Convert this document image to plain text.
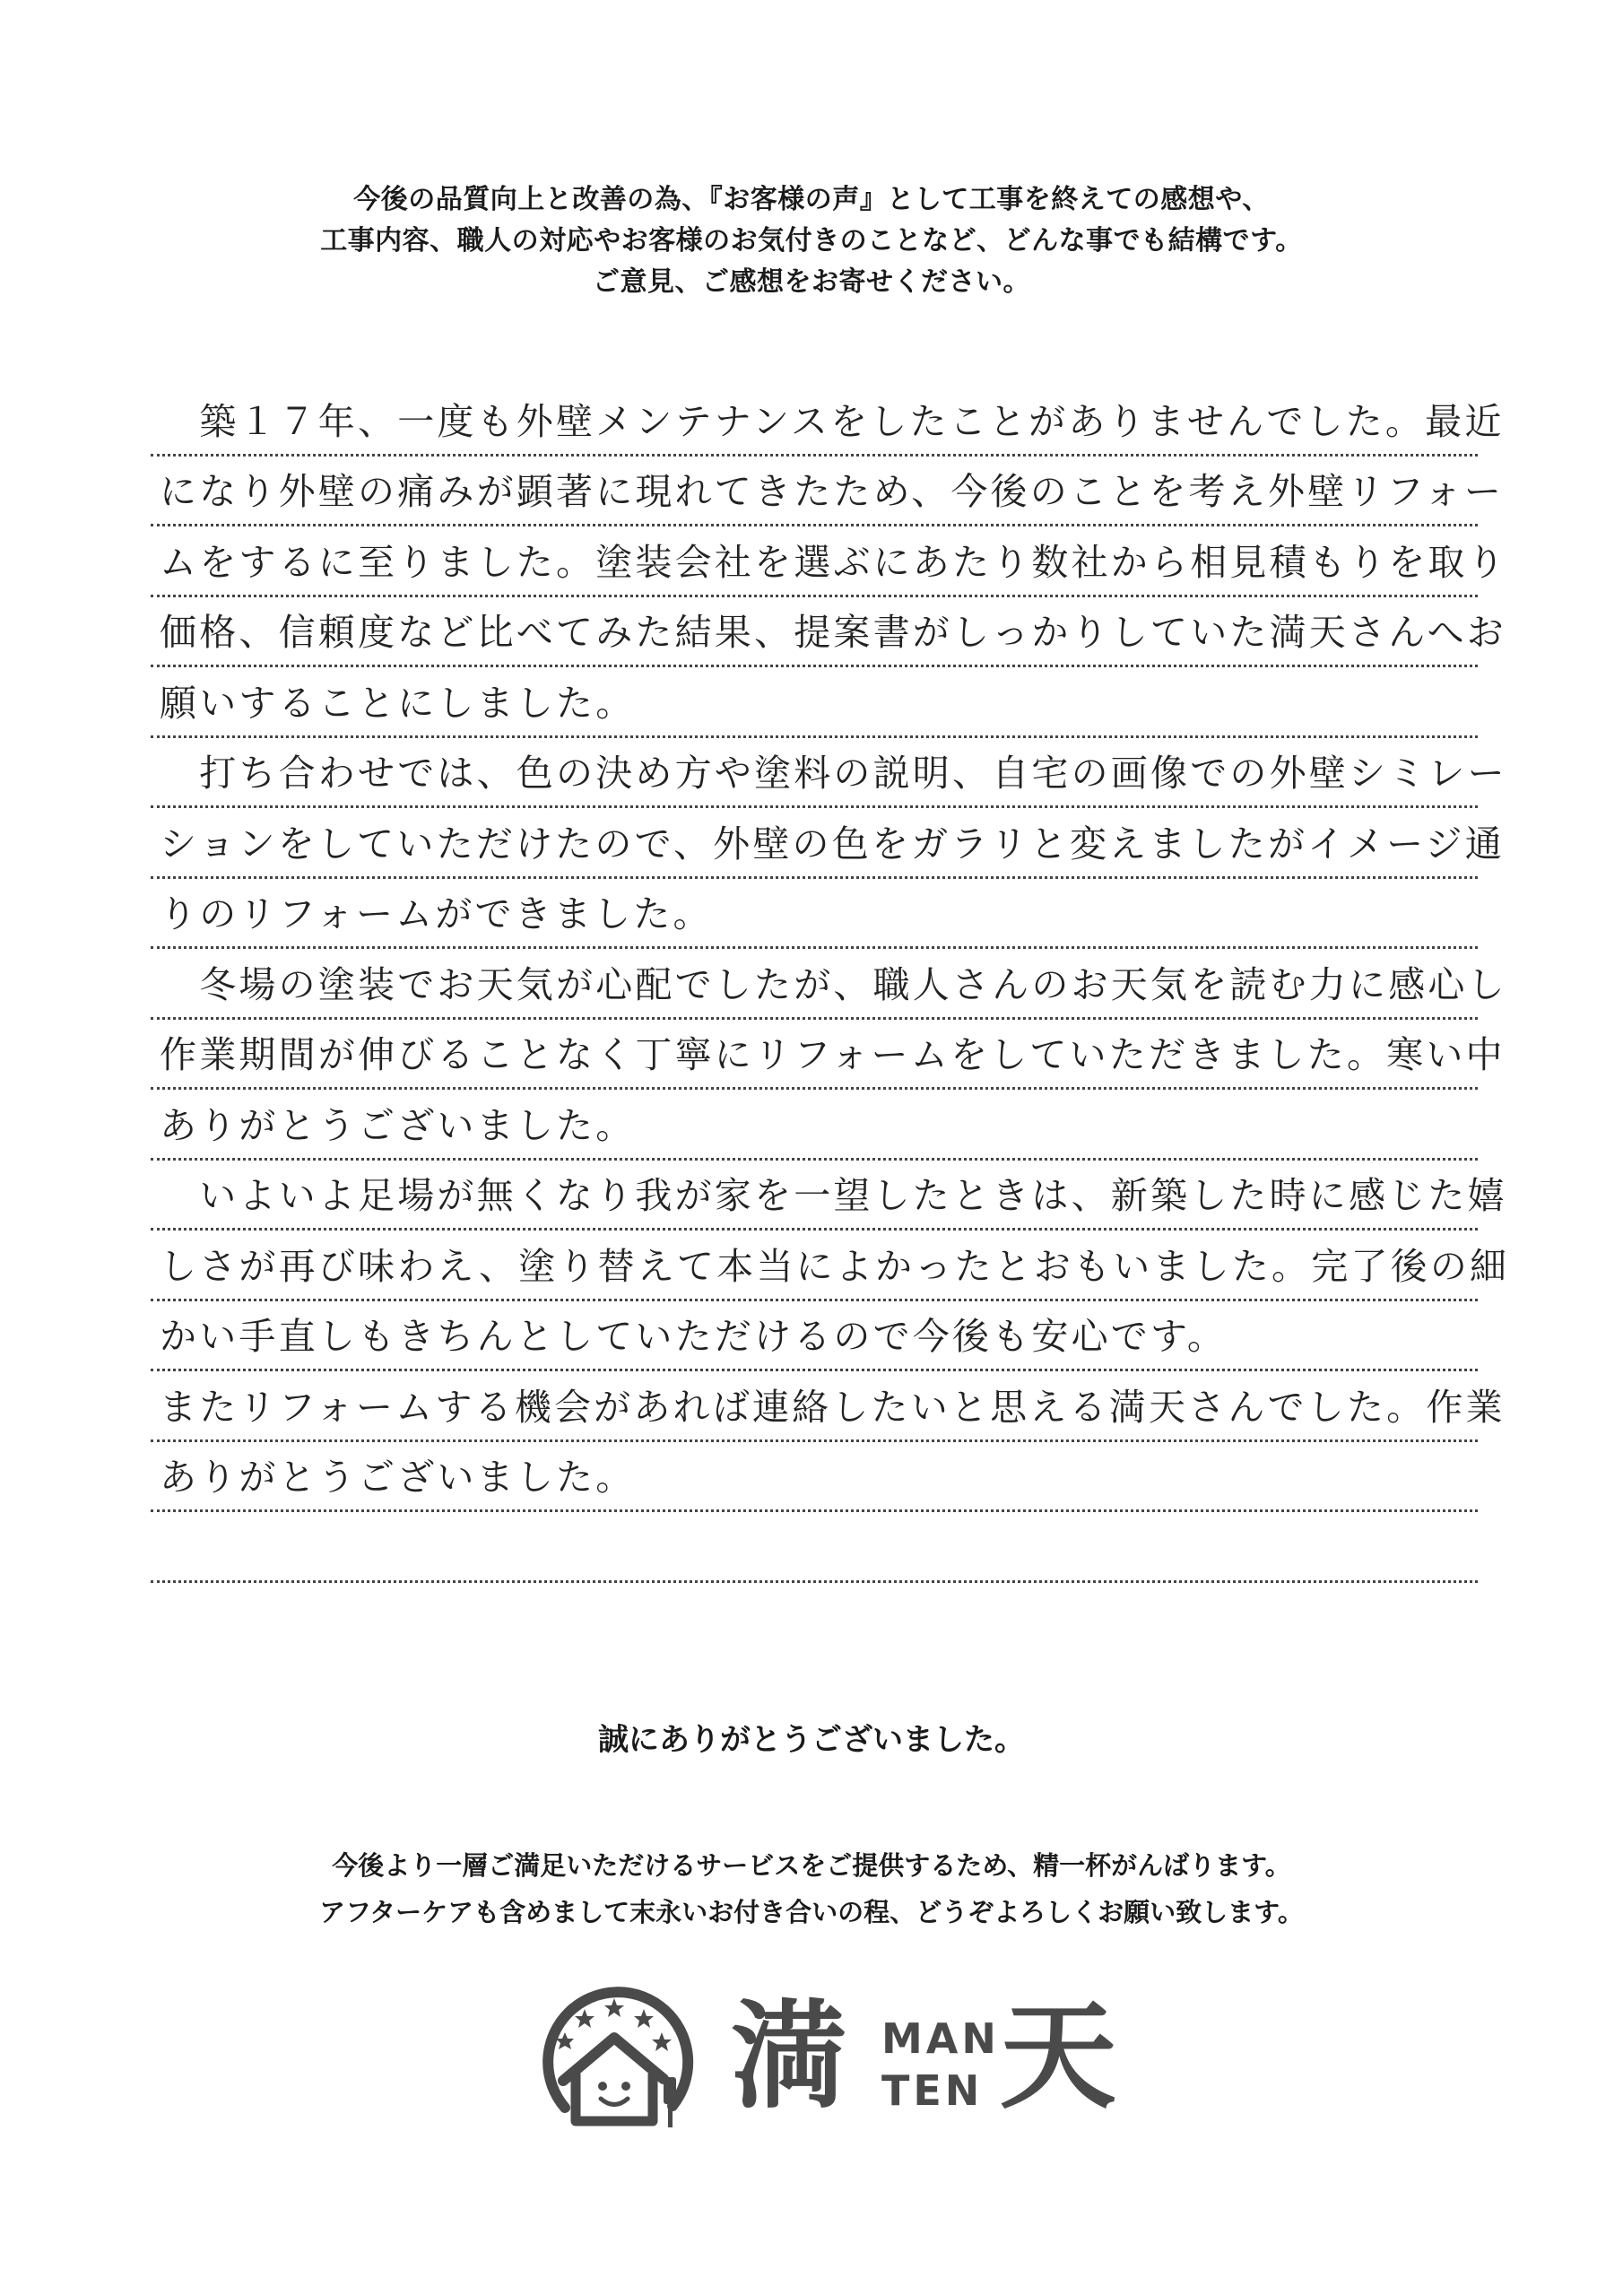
今後の品質向上と改善の為、『お客様の声』として工事を終えての感想や、
工事内容、職人の対応やお客様のお気付きのことなど、どんな事でも結構です。
ご意見、ご感想をお寄せください。
　築１７年、一度も外壁メンテナンスをしたことがありませんでした。最近
になり外壁の痛みが顕著に現れてきたため、今後のことを考え外壁リフォー
ムをするに至りました。塗装会社を選ぶにあたり数社から相見積もりを取り
価格、信頼度など比べてみた結果、提案書がしっかりしていた満天さんへお
願いすることにしました。
　打ち合わせでは、色の決め方や塗料の説明、自宅の画像での外壁シミレー
ションをしていただけたので、外壁の色をガラリと変えましたがイメージ通
りのリフォームができました。
　冬場の塗装でお天気が心配でしたが、職人さんのお天気を読む力に感心し
作業期間が伸びることなく丁寧にリフォームをしていただきました。寒い中
ありがとうございました。
　いよいよ足場が無くなり我が家を一望したときは、新築した時に感じた嬉
しさが再び味わえ、塗り替えて本当によかったとおもいました。完了後の細
かい手直しもきちんとしていただけるので今後も安心です。
またリフォームする機会があれば連絡したいと思える満天さんでした。作業
ありがとうございました。
誠にありがとうございました。
今後より一層ご満足いただけるサービスをご提供するため、精一杯がんばります。
アフターケアも含めまして末永いお付き合いの程、どうぞよろしくお願い致します。
満 MAN
TEN 天
